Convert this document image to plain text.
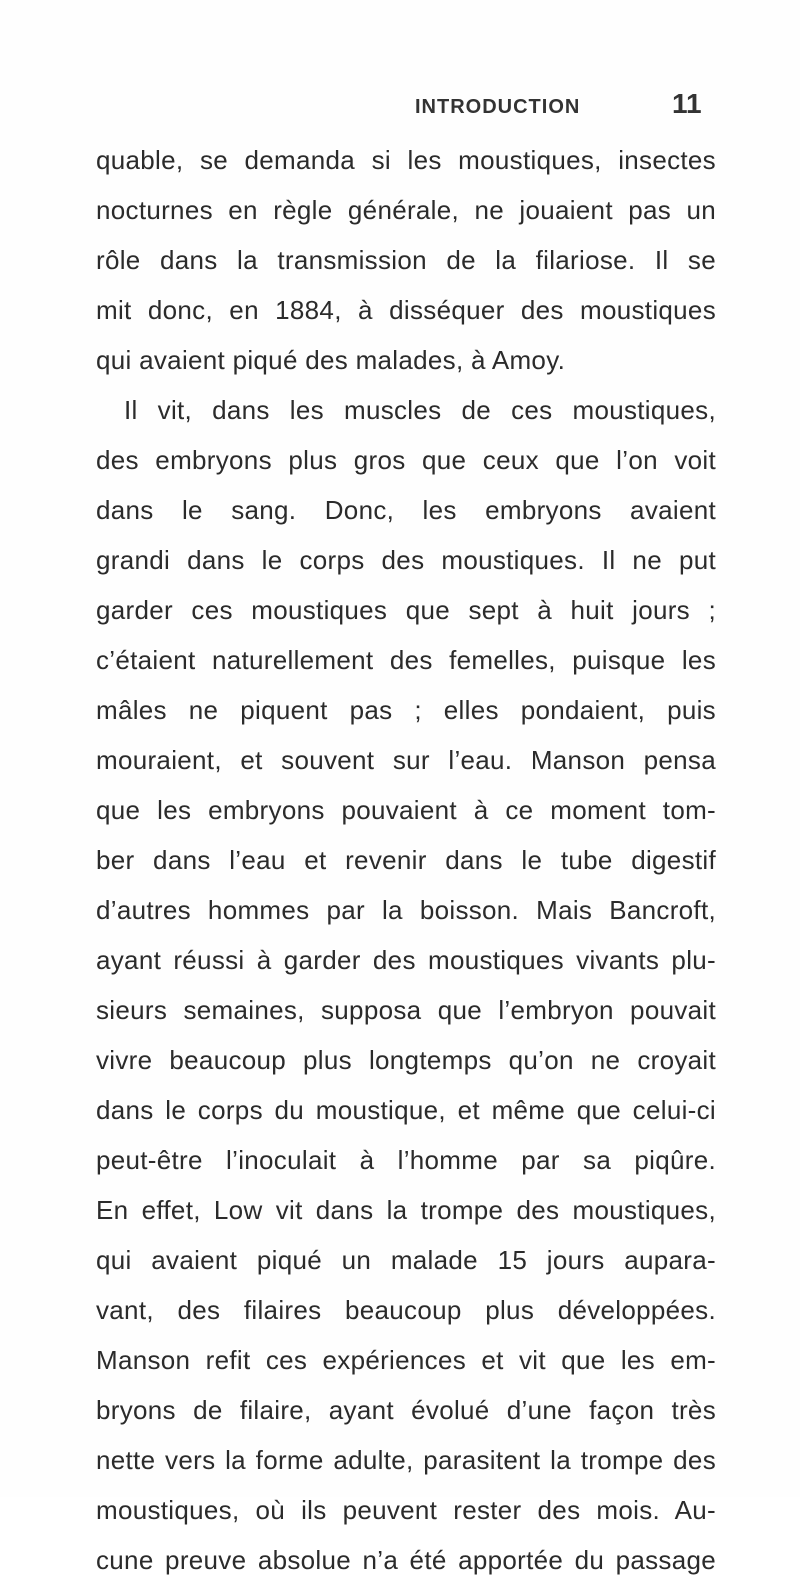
INTRODUCTION	11
quable, se demanda si les moustiques, insectes
nocturnes en règle générale, ne jouaient pas un
rôle dans la transmission de la filariose. Il se
mit donc, en 1884, à disséquer des moustiques
qui avaient piqué des malades, à Amoy.
Il vit, dans les muscles de ces moustiques,
des embryons plus gros que ceux que l’on voit
dans le sang. Donc, les embryons avaient
grandi dans le corps des moustiques. Il ne put
garder ces moustiques que sept à huit jours ;
c’étaient naturellement des femelles, puisque les
mâles ne piquent pas ; elles pondaient, puis
mouraient, et souvent sur l’eau. Manson pensa
que les embryons pouvaient à ce moment tom-
ber dans l’eau et revenir dans le tube digestif
d’autres hommes par la boisson. Mais Bancroft,
ayant réussi à garder des moustiques vivants plu-
sieurs semaines, supposa que l’embryon pouvait
vivre beaucoup plus longtemps qu’on ne croyait
dans le corps du moustique, et même que celui-ci
peut-être l’inoculait à l’homme par sa piqûre.
En effet, Low vit dans la trompe des moustiques,
qui avaient piqué un malade 15 jours aupara-
vant, des filaires beaucoup plus développées.
Manson refit ces expériences et vit que les em-
bryons de filaire, ayant évolué d’une façon très
nette vers la forme adulte, parasitent la trompe des
moustiques, où ils peuvent rester des mois. Au-
cune preuve absolue n’a été apportée du passage
